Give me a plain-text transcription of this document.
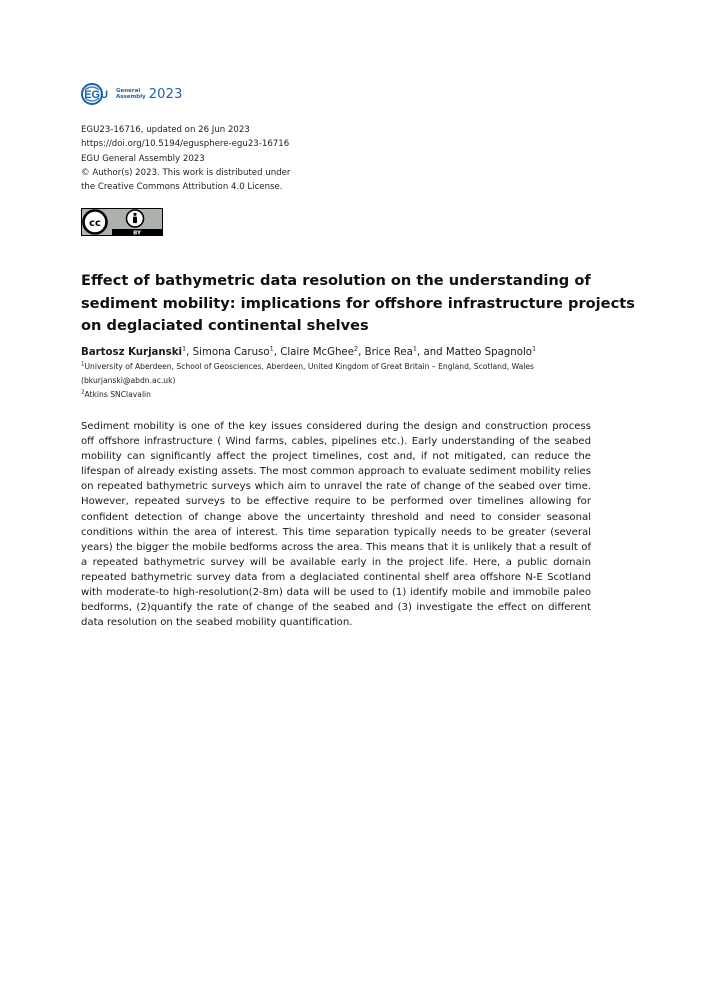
EGU General
Assembly 2023
EGU23-16716, updated on 26 Jun 2023
https://doi.org/10.5194/egusphere-egu23-16716
EGU General Assembly 2023
© Author(s) 2023. This work is distributed under
the Creative Commons Attribution 4.0 License.
cc
BY
Effect of bathymetric data resolution on the understanding of sediment mobility: implications for offshore infrastructure projects on deglaciated continental shelves
Bartosz Kurjanski$^1$, Simona Caruso$^1$, Claire McGhee$^2$, Brice Rea$^1$, and Matteo Spagnolo$^1$
$^1$University of Aberdeen, School of Geosciences, Aberdeen, United Kingdom of Great Britain – England, Scotland, Wales
(bkurjanski@abdn.ac.uk)
$^2$Atkins SNClavalin

Sediment mobility is one of the key issues considered during the design and construction process off offshore infrastructure ( Wind farms, cables, pipelines etc.). Early understanding of the seabed mobility can significantly affect the project timelines, cost and, if not mitigated, can reduce the lifespan of already existing assets. The most common approach to evaluate sediment mobility relies on repeated bathymetric surveys which aim to unravel the rate of change of the seabed over time. However, repeated surveys to be effective require to be performed over timelines allowing for confident detection of change above the uncertainty threshold and need to consider seasonal conditions within the area of interest. This time separation typically needs to be greater (several years) the bigger the mobile bedforms across the area. This means that it is unlikely that a result of a repeated bathymetric survey will be available early in the project life. Here, a public domain repeated bathymetric survey data from a deglaciated continental shelf area offshore N-E Scotland with moderate-to high-resolution(2-8m) data will be used to (1) identify mobile and immobile paleo bedforms, (2)quantify the rate of change of the seabed and (3) investigate the effect on different data resolution on the seabed mobility quantification.
